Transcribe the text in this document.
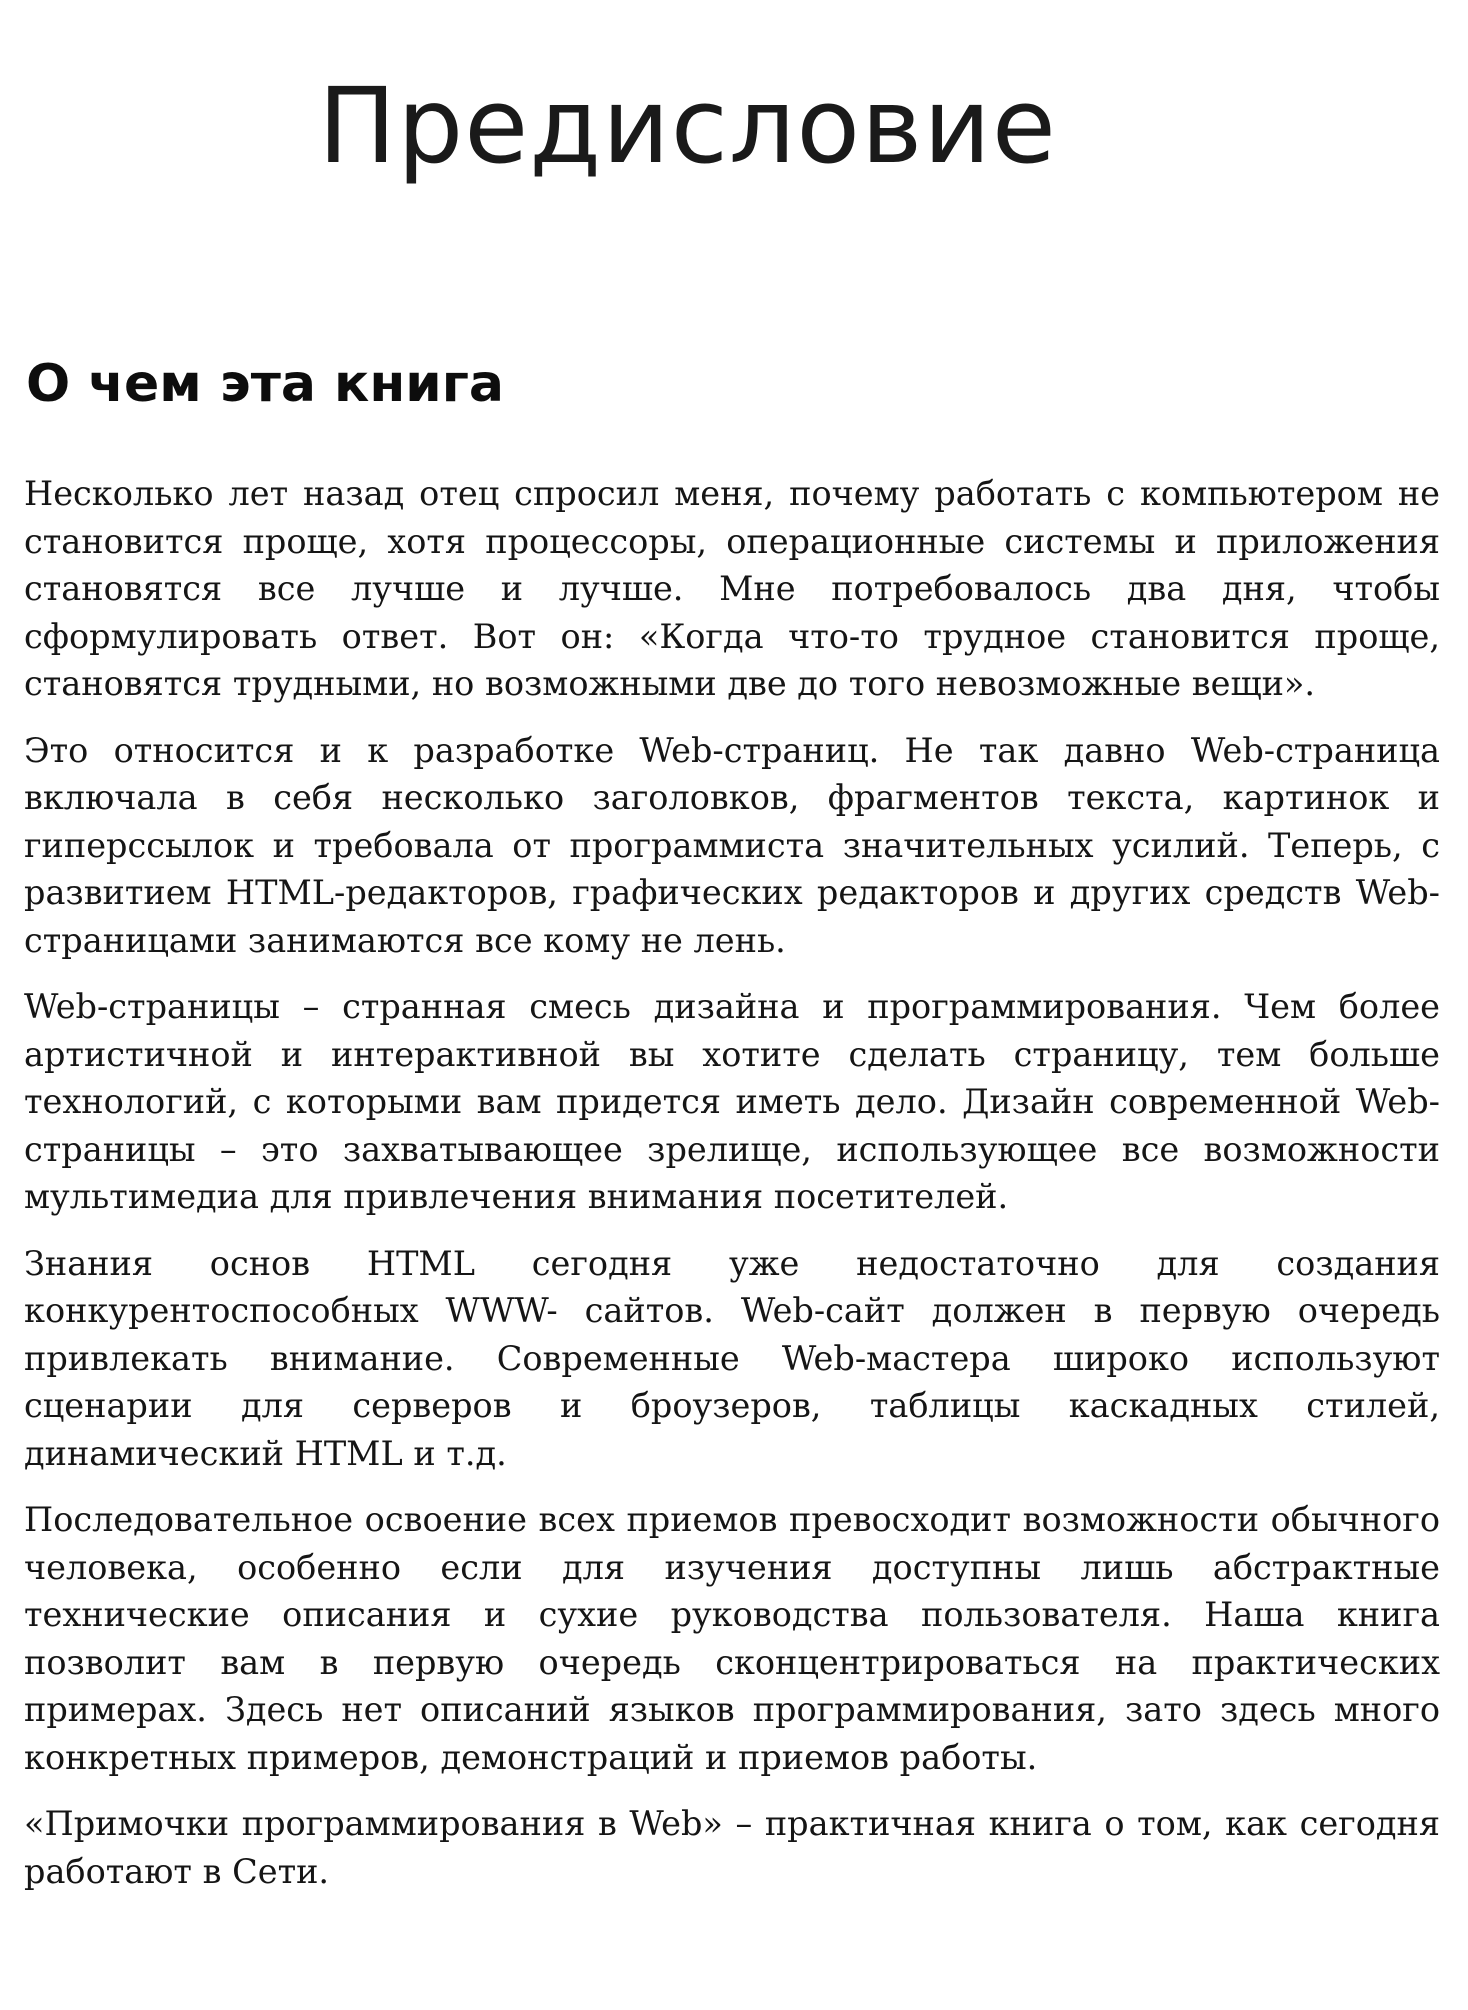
Предисловие
О чем эта книга

Несколько лет назад отец спросил меня, почему работать с компьютером не становится проще, хотя процессоры, операционные системы и приложения становятся все лучше и лучше. Мне потребовалось два дня, чтобы сформулировать ответ. Вот он: «Когда что-то трудное становится проще, становятся трудными, но возможными две до того невозможные вещи».

Это относится и к разработке Web-страниц. Не так давно Web-страница включала в себя несколько заголовков, фрагментов текста, картинок и гиперссылок и требовала от программиста значительных усилий. Теперь, с развитием HTML-редакторов, графических редакторов и других средств Web-страницами занимаются все кому не лень.

Web-страницы – странная смесь дизайна и программирования. Чем более артистичной и интерактивной вы хотите сделать страницу, тем больше технологий, с которыми вам придется иметь дело. Дизайн современной Web-страницы – это захватывающее зрелище, использующее все возможности мультимедиа для привлечения внимания посетителей.

Знания основ HTML сегодня уже недостаточно для создания конкурентоспособных WWW- сайтов. Web-сайт должен в первую очередь привлекать внимание. Современные Web-мастера широко используют сценарии для серверов и броузеров, таблицы каскадных стилей, динамический HTML и т.д.

Последовательное освоение всех приемов превосходит возможности обычного человека, особенно если для изучения доступны лишь абстрактные технические описания и сухие руководства пользователя. Наша книга позволит вам в первую очередь сконцентрироваться на практических примерах. Здесь нет описаний языков программирования, зато здесь много конкретных примеров, демонстраций и приемов работы.

«Примочки программирования в Web» – практичная книга о том, как сегодня работают в Сети.
